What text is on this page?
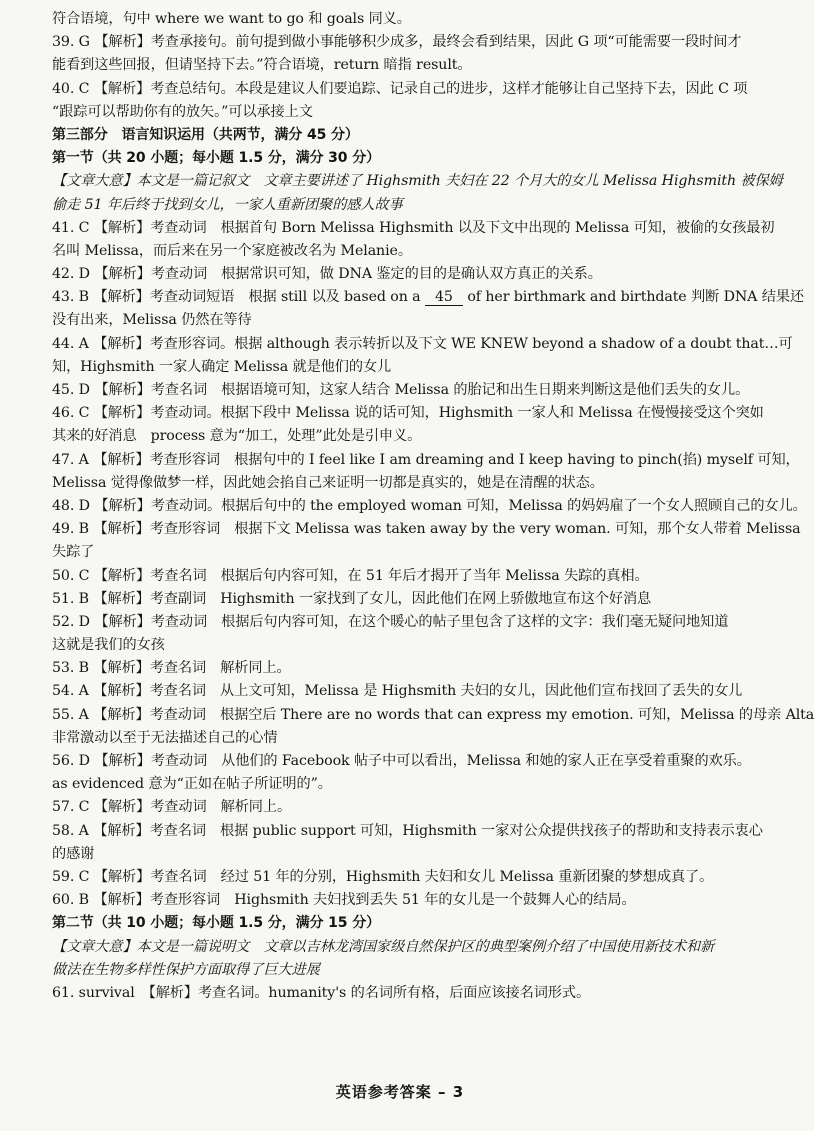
符合语境，句中 where we want to go 和 goals 同义。
39. G 【解析】考查承接句。前句提到做小事能够积少成多，最终会看到结果，因此 G 项“可能需要一段时间才
能看到这些回报，但请坚持下去。”符合语境，return 暗指 result。
40. C 【解析】考查总结句。本段是建议人们要追踪、记录自己的进步，这样才能够让自己坚持下去，因此 C 项
“跟踪可以帮助你有的放矢。”可以承接上文
第三部分　语言知识运用（共两节，满分 45 分）
第一节（共 20 小题；每小题 1.5 分，满分 30 分）
【文章大意】本文是一篇记叙文　文章主要讲述了 Highsmith 夫妇在 22 个月大的女儿 Melissa Highsmith 被保姆
偷走 51 年后终于找到女儿，一家人重新团聚的感人故事
41. C 【解析】考查动词　根据首句 Born Melissa Highsmith 以及下文中出现的 Melissa 可知，被偷的女孩最初
名叫 Melissa，而后来在另一个家庭被改名为 Melanie。
42. D 【解析】考查动词　根据常识可知，做 DNA 鉴定的目的是确认双方真正的关系。
43. B 【解析】考查动词短语　根据 still 以及 based on a 45 of her birthmark and birthdate 判断 DNA 结果还
没有出来，Melissa 仍然在等待
44. A 【解析】考查形容词。根据 although 表示转折以及下文 WE KNEW beyond a shadow of a doubt that…可
知，Highsmith 一家人确定 Melissa 就是他们的女儿
45. D 【解析】考查名词　根据语境可知，这家人结合 Melissa 的胎记和出生日期来判断这是他们丢失的女儿。
46. C 【解析】考查动词。根据下段中 Melissa 说的话可知，Highsmith 一家人和 Melissa 在慢慢接受这个突如
其来的好消息　process 意为“加工，处理”此处是引申义。
47. A 【解析】考查形容词　根据句中的 I feel like I am dreaming and I keep having to pinch(掐) myself 可知，
Melissa 觉得像做梦一样，因此她会掐自己来证明一切都是真实的，她是在清醒的状态。
48. D 【解析】考查动词。根据后句中的 the employed woman 可知，Melissa 的妈妈雇了一个女人照顾自己的女儿。
49. B 【解析】考查形容词　根据下文 Melissa was taken away by the very woman. 可知，那个女人带着 Melissa
失踪了
50. C 【解析】考查名词　根据后句内容可知，在 51 年后才揭开了当年 Melissa 失踪的真相。
51. B 【解析】考查副词　Highsmith 一家找到了女儿，因此他们在网上骄傲地宣布这个好消息
52. D 【解析】考查动词　根据后句内容可知，在这个暖心的帖子里包含了这样的文字：我们毫无疑问地知道
这就是我们的女孩
53. B 【解析】考查名词　解析同上。
54. A 【解析】考查名词　从上文可知，Melissa 是 Highsmith 夫妇的女儿，因此他们宣布找回了丢失的女儿
55. A 【解析】考查动词　根据空后 There are no words that can express my emotion. 可知，Melissa 的母亲 Alta
非常激动以至于无法描述自己的心情
56. D 【解析】考查动词　从他们的 Facebook 帖子中可以看出，Melissa 和她的家人正在享受着重聚的欢乐。
as evidenced 意为“正如在帖子所证明的”。
57. C 【解析】考查动词　解析同上。
58. A 【解析】考查名词　根据 public support 可知，Highsmith 一家对公众提供找孩子的帮助和支持表示衷心
的感谢
59. C 【解析】考查名词　经过 51 年的分别，Highsmith 夫妇和女儿 Melissa 重新团聚的梦想成真了。
60. B 【解析】考查形容词　Highsmith 夫妇找到丢失 51 年的女儿是一个鼓舞人心的结局。
第二节（共 10 小题；每小题 1.5 分，满分 15 分）
【文章大意】本文是一篇说明文　文章以吉林龙湾国家级自然保护区的典型案例介绍了中国使用新技术和新
做法在生物多样性保护方面取得了巨大进展
61. survival　【解析】考查名词。humanity's 的名词所有格，后面应该接名词形式。
英语参考答案 – 3
